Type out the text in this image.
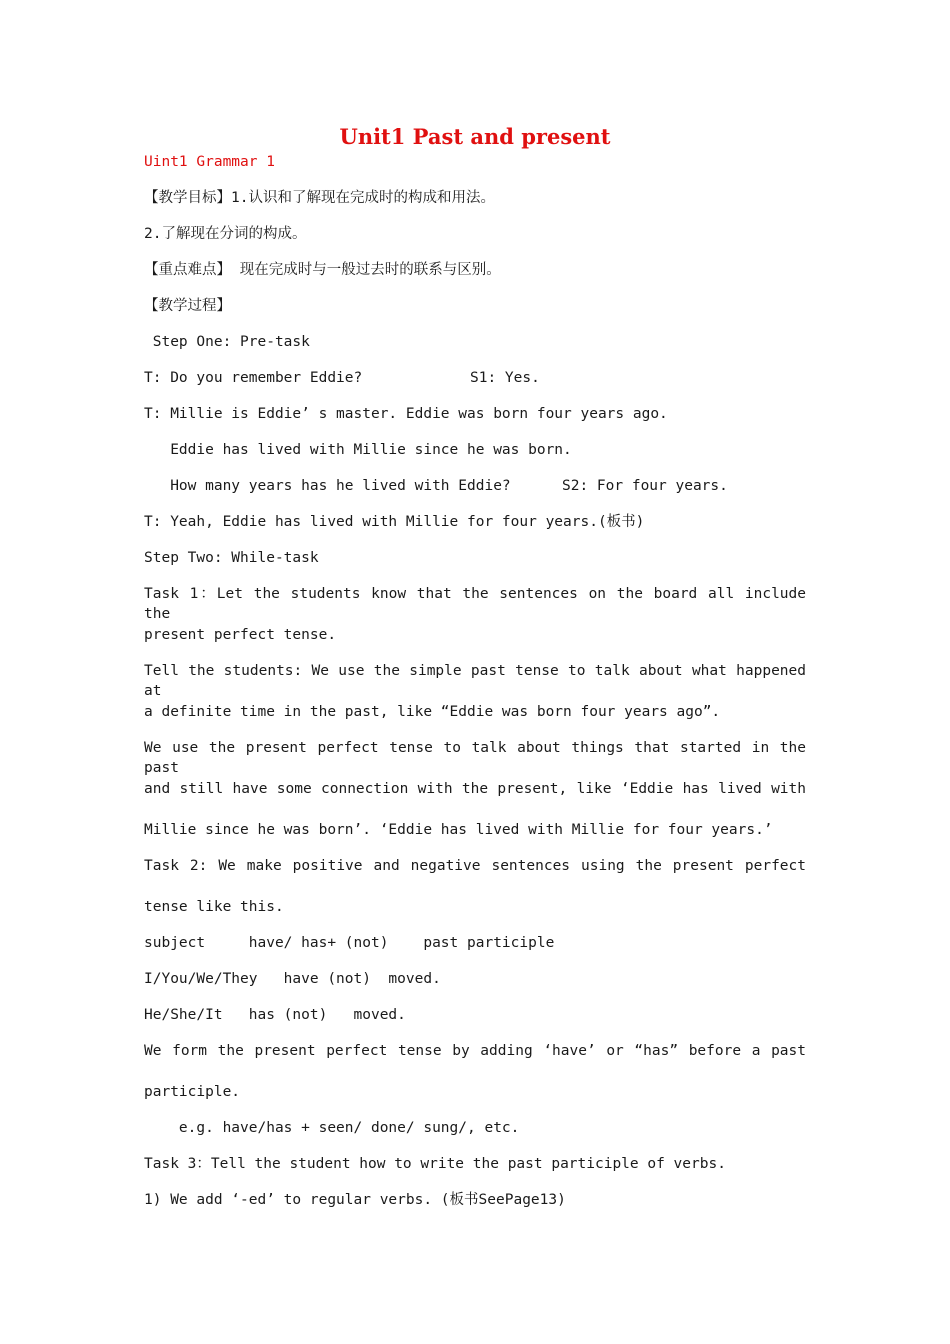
Unit1 Past and present
Uint1 Grammar 1
【教学目标】1.认识和了解现在完成时的构成和用法。
2.了解现在分词的构成。
【重点难点】 现在完成时与一般过去时的联系与区别。
【教学过程】
Step One: Pre-task
T: Do you remember Eddie?	S1: Yes.
T: Millie is Eddie’ s master. Eddie was born four years ago.
Eddie has lived with Millie since he was born.
How many years has he lived with Eddie?	S2: For four years.
T: Yeah, Eddie has lived with Millie for four years.(板书)
Step Two: While-task
Task 1：Let the students know that the sentences on the board all include the
present perfect tense.
Tell the students: We use the simple past tense to talk about what happened at
a definite time in the past, like “Eddie was born four years ago”.
We use the present perfect tense to talk about things that started in the past
and still have some connection with the present, like ‘Eddie has lived with
Millie since he was born’. ‘Eddie has lived with Millie for four years.’
Task 2: We make positive and negative sentences using the present perfect
tense like this.
subject     have/ has+ (not)    past participle
I/You/We/They   have (not)  moved.
He/She/It   has (not)   moved.
We form the present perfect tense by adding ‘have’ or “has” before a past
participle.
e.g. have/has + seen/ done/ sung/, etc.
Task 3：Tell the student how to write the past participle of verbs.
1) We add ‘-ed’ to regular verbs. (板书SeePage13)
